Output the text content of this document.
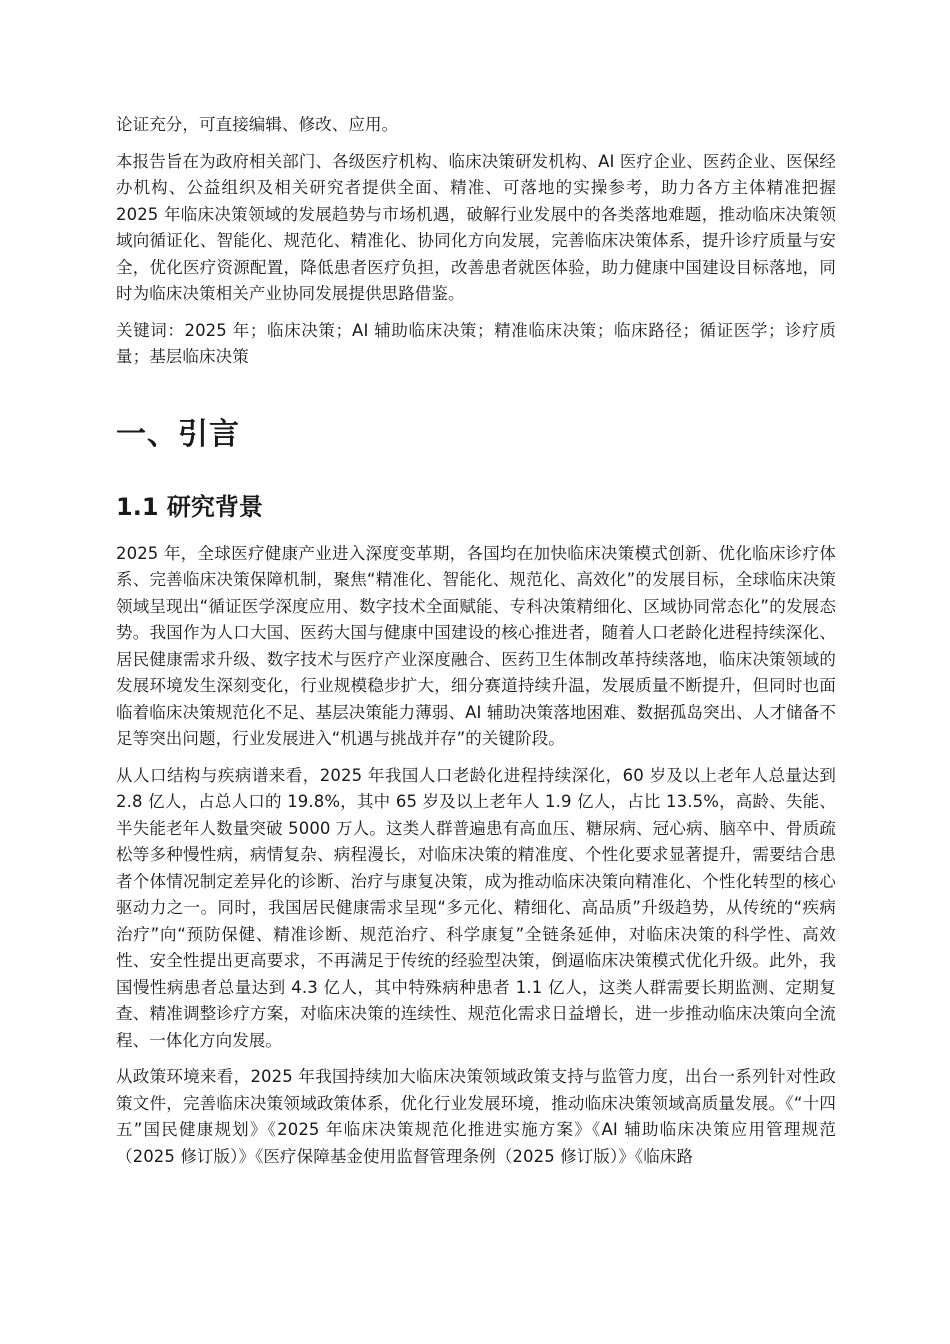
论证充分，可直接编辑、修改、应用。

本报告旨在为政府相关部门、各级医疗机构、临床决策研发机构、AI 医疗企业、医药企业、医保经办机构、公益组织及相关研究者提供全面、精准、可落地的实操参考，助力各方主体精准把握 2025 年临床决策领域的发展趋势与市场机遇，破解行业发展中的各类落地难题，推动临床决策领域向循证化、智能化、规范化、精准化、协同化方向发展，完善临床决策体系，提升诊疗质量与安全，优化医疗资源配置，降低患者医疗负担，改善患者就医体验，助力健康中国建设目标落地，同时为临床决策相关产业协同发展提供思路借鉴。

关键词：2025 年；临床决策；AI 辅助临床决策；精准临床决策；临床路径；循证医学；诊疗质量；基层临床决策

一、引言
1.1 研究背景

2025 年，全球医疗健康产业进入深度变革期，各国均在加快临床决策模式创新、优化临床诊疗体系、完善临床决策保障机制，聚焦“精准化、智能化、规范化、高效化”的发展目标，全球临床决策领域呈现出“循证医学深度应用、数字技术全面赋能、专科决策精细化、区域协同常态化”的发展态势。我国作为人口大国、医药大国与健康中国建设的核心推进者，随着人口老龄化进程持续深化、居民健康需求升级、数字技术与医疗产业深度融合、医药卫生体制改革持续落地，临床决策领域的发展环境发生深刻变化，行业规模稳步扩大，细分赛道持续升温，发展质量不断提升，但同时也面临着临床决策规范化不足、基层决策能力薄弱、AI 辅助决策落地困难、数据孤岛突出、人才储备不足等突出问题，行业发展进入“机遇与挑战并存”的关键阶段。

从人口结构与疾病谱来看，2025 年我国人口老龄化进程持续深化，60 岁及以上老年人总量达到 2.8 亿人，占总人口的 19.8%，其中 65 岁及以上老年人 1.9 亿人，占比 13.5%，高龄、失能、半失能老年人数量突破 5000 万人。这类人群普遍患有高血压、糖尿病、冠心病、脑卒中、骨质疏松等多种慢性病，病情复杂、病程漫长，对临床决策的精准度、个性化要求显著提升，需要结合患者个体情况制定差异化的诊断、治疗与康复决策，成为推动临床决策向精准化、个性化转型的核心驱动力之一。同时，我国居民健康需求呈现“多元化、精细化、高品质”升级趋势，从传统的“疾病治疗”向“预防保健、精准诊断、规范治疗、科学康复”全链条延伸，对临床决策的科学性、高效性、安全性提出更高要求，不再满足于传统的经验型决策，倒逼临床决策模式优化升级。此外，我国慢性病患者总量达到 4.3 亿人，其中特殊病种患者 1.1 亿人，这类人群需要长期监测、定期复查、精准调整诊疗方案，对临床决策的连续性、规范化需求日益增长，进一步推动临床决策向全流程、一体化方向发展。

从政策环境来看，2025 年我国持续加大临床决策领域政策支持与监管力度，出台一系列针对性政策文件，完善临床决策领域政策体系，优化行业发展环境，推动临床决策领域高质量发展。《“十四五”国民健康规划》《2025 年临床决策规范化推进实施方案》《AI 辅助临床决策应用管理规范（2025 修订版）》《医疗保障基金使用监督管理条例（2025 修订版）》《临床路
